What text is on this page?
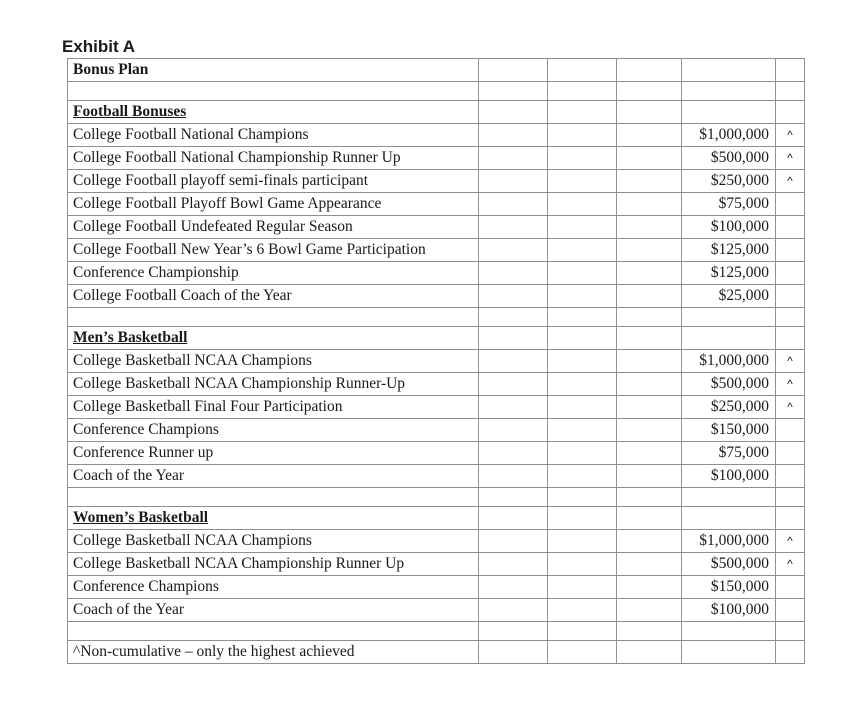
Exhibit A
Bonus Plan					

Football Bonuses					
College Football National Champions				$1,000,000	^
College Football National Championship Runner Up				$500,000	^
College Football playoff semi-finals participant				$250,000	^
College Football Playoff Bowl Game Appearance				$75,000	
College Football Undefeated Regular Season				$100,000	
College Football New Year’s 6 Bowl Game Participation				$125,000	
Conference Championship				$125,000	
College Football Coach of the Year				$25,000	

Men’s Basketball					
College Basketball NCAA Champions				$1,000,000	^
College Basketball NCAA Championship Runner-Up				$500,000	^
College Basketball Final Four Participation				$250,000	^
Conference Champions				$150,000	
Conference Runner up				$75,000	
Coach of the Year				$100,000	

Women’s Basketball					
College Basketball NCAA Champions				$1,000,000	^
College Basketball NCAA Championship Runner Up				$500,000	^
Conference Champions				$150,000	
Coach of the Year				$100,000	

^Non-cumulative – only the highest achieved					
